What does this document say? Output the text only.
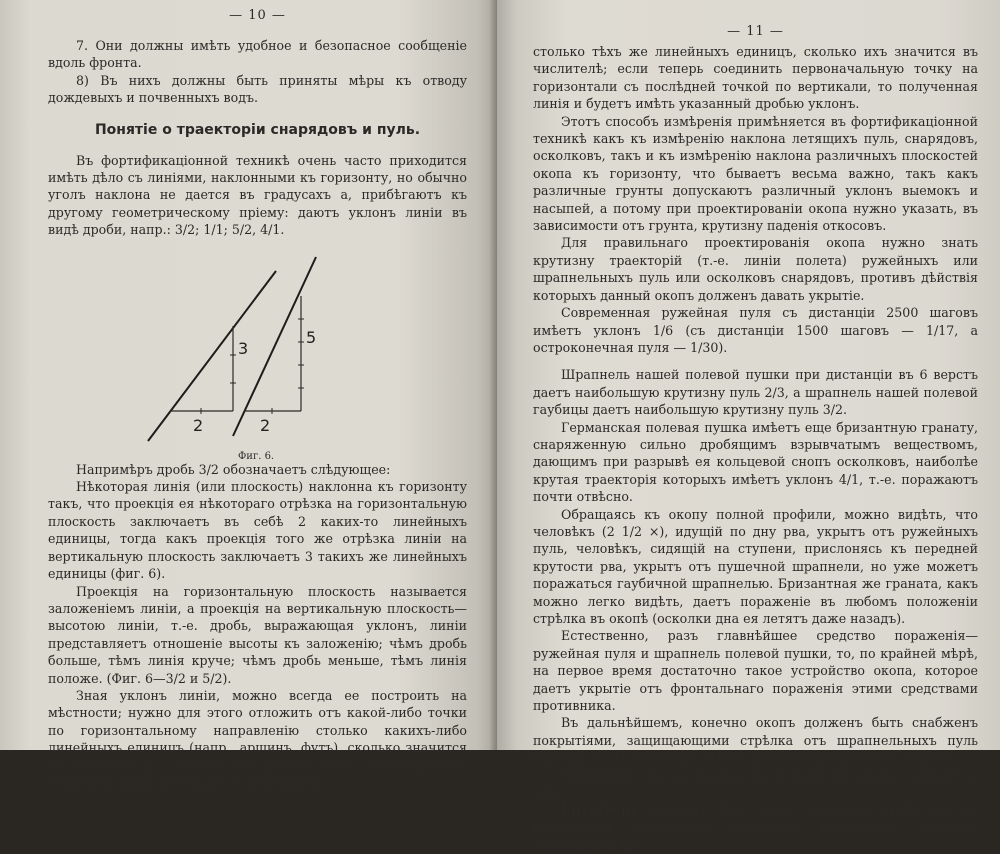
— 10 —

7. Они должны имѣть удобное и безопасное сообщеніе вдоль фронта.

8) Въ нихъ должны быть приняты мѣры къ отводу дождевыхъ и почвенныхъ водъ.

Понятіе о траекторіи снарядовъ и пуль.

Въ фортификаціонной техникѣ очень часто приходится имѣть дѣло съ линіями, наклонными къ горизонту, но обычно уголъ наклона не дается въ градусахъ а, прибѣгаютъ къ другому геометрическому пріему: даютъ уклонъ линіи въ видѣ дроби, напр.: 3/2; 1/1; 5/2, 4/1.

3
2
5
2
Фиг. 6.

Напримѣръ дробь 3/2 обозначаетъ слѣдующее:

Нѣкоторая линія (или плоскость) наклонна къ горизонту такъ, что проекція ея нѣкотораго отрѣзка на горизонтальную плоскость заключаетъ въ себѣ 2 каких-то линейныхъ единицы, тогда какъ проекція того же отрѣзка линіи на вертикальную плоскость заключаетъ 3 такихъ же линейныхъ единицы (фиг. 6).

Проекція на горизонтальную плоскость называется заложеніемъ линіи, а проекція на вертикальную плоскость—высотою линіи, т.-е. дробь, выражающая уклонъ, линіи представляетъ отношеніе высоты къ заложенію; чѣмъ дробь больше, тѣмъ линія круче; чѣмъ дробь меньше, тѣмъ линія положе. (Фиг. 6—3/2 и 5/2).

Зная уклонъ линіи, можно всегда ее построить на мѣстности; нужно для этого отложить отъ какой-либо точки по горизонтальному направленію столько какихъ-либо линейныхъ единицъ (напр., аршинъ, футъ), сколько значится въ знаменателѣ, а затѣмъ изъ другого конца отложенной по горизонту линіи отложить по вертикали

— 11 —

столько тѣхъ же линейныхъ единицъ, сколько ихъ значится въ числителѣ; если теперь соединить первоначальную точку на горизонтали съ послѣдней точкой по вертикали, то полученная линія и будетъ имѣть указанный дробью уклонъ.

Этотъ способъ измѣренія примѣняется въ фортификаціонной техникѣ какъ къ измѣренію наклона летящихъ пуль, снарядовъ, осколковъ, такъ и къ измѣренію наклона различныхъ плоскостей окопа къ горизонту, что бываетъ весьма важно, такъ какъ различные грунты допускаютъ различный уклонъ выемокъ и насыпей, а потому при проектированіи окопа нужно указать, въ зависимости отъ грунта, крутизну паденія откосовъ.

Для правильнаго проектированія окопа нужно знать крутизну траекторій (т.-е. линіи полета) ружейныхъ или шрапнельныхъ пуль или осколковъ снарядовъ, противъ дѣйствія которыхъ данный окопъ долженъ давать укрытіе.

Современная ружейная пуля съ дистанціи 2500 шаговъ имѣетъ уклонъ 1/6 (съ дистанціи 1500 шаговъ — 1/17, а остроконечная пуля — 1/30).

Шрапнель нашей полевой пушки при дистанціи въ 6 верстъ даетъ наибольшую крутизну пуль 2/3, а шрапнель нашей полевой гаубицы даетъ наибольшую крутизну пуль 3/2.

Германская полевая пушка имѣетъ еще бризантную гранату, снаряженную сильно дробящимъ взрывчатымъ веществомъ, дающимъ при разрывѣ ея кольцевой снопъ осколковъ, наиболѣе крутая траекторія которыхъ имѣетъ уклонъ 4/1, т.-е. поражаютъ почти отвѣсно.

Обращаясь къ окопу полной профили, можно видѣть, что человѣкъ (2 1/2 ×), идущій по дну рва, укрытъ отъ ружейныхъ пуль, человѣкъ, сидящій на ступени, прислонясь къ передней крутости рва, укрытъ отъ пушечной шрапнели, но уже можетъ поражаться гаубичной шрапнелью. Бризантная же граната, какъ можно легко видѣть, даетъ пораженіе въ любомъ положеніи стрѣлка въ окопѣ (осколки дна ея летятъ даже назадъ).

Естественно, разъ главнѣйшее средство пораженія—ружейная пуля и шрапнель полевой пушки, то, по крайней мѣрѣ, на первое время достаточно такое устройство окопа, которое даетъ укрытіе отъ фронтальнаго пораженія этими средствами противника.

Въ дальнѣйшемъ, конечно окопъ долженъ быть снабженъ покрытіями, защищающими стрѣлка отъ шрапнельныхъ пуль гаубицы и отъ навѣснаго огня осколковъ бризантныхъ гранатъ.

Обращаясь, въ частности, къ устройству окопа, замѣтимъ, что:

Брустверъ долженъ быть такой толщины, чтобъ онъ не пробивался средствами пораженія противника (пулями, осколками и пр.).
